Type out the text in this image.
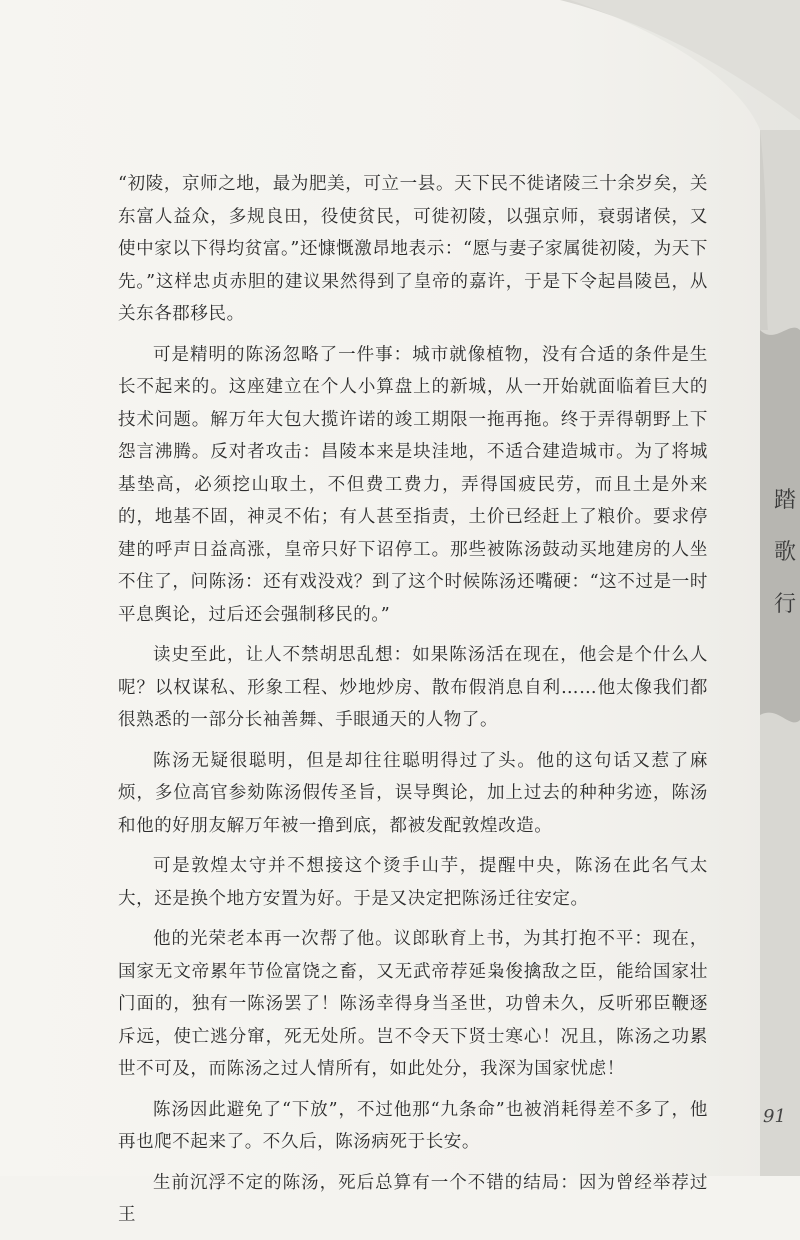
“初陵，京师之地，最为肥美，可立一县。天下民不徙诸陵三十余岁矣，关东富人益众，多规良田，役使贫民，可徙初陵，以强京师，衰弱诸侯，又使中家以下得均贫富。”还慷慨激昂地表示：“愿与妻子家属徙初陵，为天下先。”这样忠贞赤胆的建议果然得到了皇帝的嘉许，于是下令起昌陵邑，从关东各郡移民。

可是精明的陈汤忽略了一件事：城市就像植物，没有合适的条件是生长不起来的。这座建立在个人小算盘上的新城，从一开始就面临着巨大的技术问题。解万年大包大揽许诺的竣工期限一拖再拖。终于弄得朝野上下怨言沸腾。反对者攻击：昌陵本来是块洼地，不适合建造城市。为了将城基垫高，必须挖山取土，不但费工费力，弄得国疲民劳，而且土是外来的，地基不固，神灵不佑；有人甚至指责，土价已经赶上了粮价。要求停建的呼声日益高涨，皇帝只好下诏停工。那些被陈汤鼓动买地建房的人坐不住了，问陈汤：还有戏没戏？到了这个时候陈汤还嘴硬：“这不过是一时平息舆论，过后还会强制移民的。”

读史至此，让人不禁胡思乱想：如果陈汤活在现在，他会是个什么人呢？以权谋私、形象工程、炒地炒房、散布假消息自利……他太像我们都很熟悉的一部分长袖善舞、手眼通天的人物了。

陈汤无疑很聪明，但是却往往聪明得过了头。他的这句话又惹了麻烦，多位高官参劾陈汤假传圣旨，误导舆论，加上过去的种种劣迹，陈汤和他的好朋友解万年被一撸到底，都被发配敦煌改造。

可是敦煌太守并不想接这个烫手山芋，提醒中央，陈汤在此名气太大，还是换个地方安置为好。于是又决定把陈汤迁往安定。

他的光荣老本再一次帮了他。议郎耿育上书，为其打抱不平：现在，国家无文帝累年节俭富饶之畜，又无武帝荐延枭俊擒敌之臣，能给国家壮门面的，独有一陈汤罢了！陈汤幸得身当圣世，功曾未久，反听邪臣鞭逐斥远，使亡逃分窜，死无处所。岂不令天下贤士寒心！况且，陈汤之功累世不可及，而陈汤之过人情所有，如此处分，我深为国家忧虑！

陈汤因此避免了“下放”，不过他那“九条命”也被消耗得差不多了，他再也爬不起来了。不久后，陈汤病死于长安。

生前沉浮不定的陈汤，死后总算有一个不错的结局：因为曾经举荐过王

踏
歌
行
91
